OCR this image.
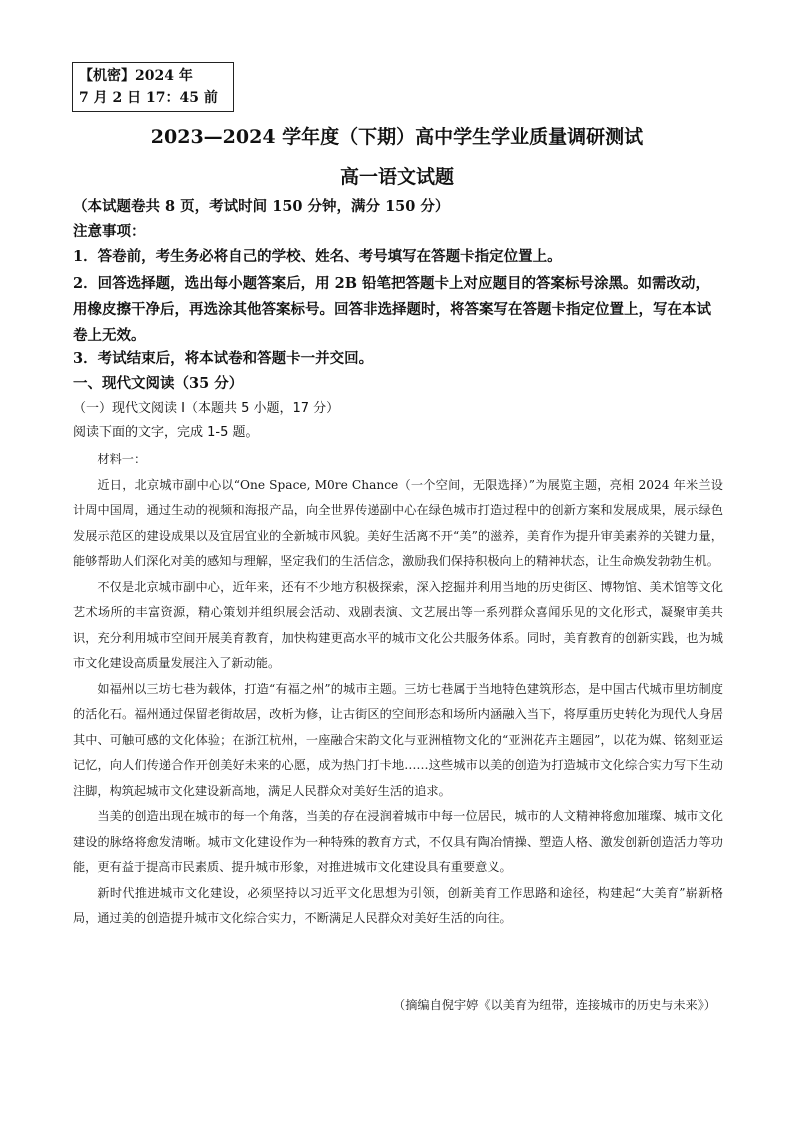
【机密】2024 年
7 月 2 日 17：45 前
2023—2024 学年度（下期）高中学生学业质量调研测试
高一语文试题
（本试题卷共 8 页，考试时间 150 分钟，满分 150 分）
注意事项：
1．答卷前，考生务必将自己的学校、姓名、考号填写在答题卡指定位置上。
2．回答选择题，选出每小题答案后，用 2B 铅笔把答题卡上对应题目的答案标号涂黑。如需改动，用橡皮擦干净后，再选涂其他答案标号。回答非选择题时，将答案写在答题卡指定位置上，写在本试卷上无效。
3．考试结束后，将本试卷和答题卡一并交回。
一、现代文阅读（35 分）
（一）现代文阅读 I（本题共 5 小题，17 分）
阅读下面的文字，完成 1-5 题。

材料一：

近日，北京城市副中心以“One Space, M0re Chance（一个空间，无限选择）”为展览主题，亮相 2024 年米兰设计周中国周，通过生动的视频和海报产品，向全世界传递副中心在绿色城市打造过程中的创新方案和发展成果，展示绿色发展示范区的建设成果以及宜居宜业的全新城市风貌。美好生活离不开“美”的滋养，美育作为提升审美素养的关键力量，能够帮助人们深化对美的感知与理解，坚定我们的生活信念，激励我们保持积极向上的精神状态，让生命焕发勃勃生机。

不仅是北京城市副中心，近年来，还有不少地方积极探索，深入挖掘并利用当地的历史街区、博物馆、美术馆等文化艺术场所的丰富资源，精心策划并组织展会活动、戏剧表演、文艺展出等一系列群众喜闻乐见的文化形式，凝聚审美共识，充分利用城市空间开展美育教育，加快构建更高水平的城市文化公共服务体系。同时，美育教育的创新实践，也为城市文化建设高质量发展注入了新动能。

如福州以三坊七巷为载体，打造“有福之州”的城市主题。三坊七巷属于当地特色建筑形态，是中国古代城市里坊制度的活化石。福州通过保留老街故居，改析为修，让古街区的空间形态和场所内涵融入当下，将厚重历史转化为现代人身居其中、可触可感的文化体验；在浙江杭州，一座融合宋韵文化与亚洲植物文化的“亚洲花卉主题园”，以花为媒、铭刻亚运记忆，向人们传递合作开创美好未来的心愿，成为热门打卡地……这些城市以美的创造为打造城市文化综合实力写下生动注脚，构筑起城市文化建设新高地，满足人民群众对美好生活的追求。

当美的创造出现在城市的每一个角落，当美的存在浸润着城市中每一位居民，城市的人文精神将愈加璀璨、城市文化建设的脉络将愈发清晰。城市文化建设作为一种特殊的教育方式，不仅具有陶冶情操、塑造人格、激发创新创造活力等功能，更有益于提高市民素质、提升城市形象，对推进城市文化建设具有重要意义。

新时代推进城市文化建设，必须坚持以习近平文化思想为引领，创新美育工作思路和途径，构建起“大美育”崭新格局，通过美的创造提升城市文化综合实力，不断满足人民群众对美好生活的向往。

（摘编自倪宇婷《以美育为纽带，连接城市的历史与未来》）
